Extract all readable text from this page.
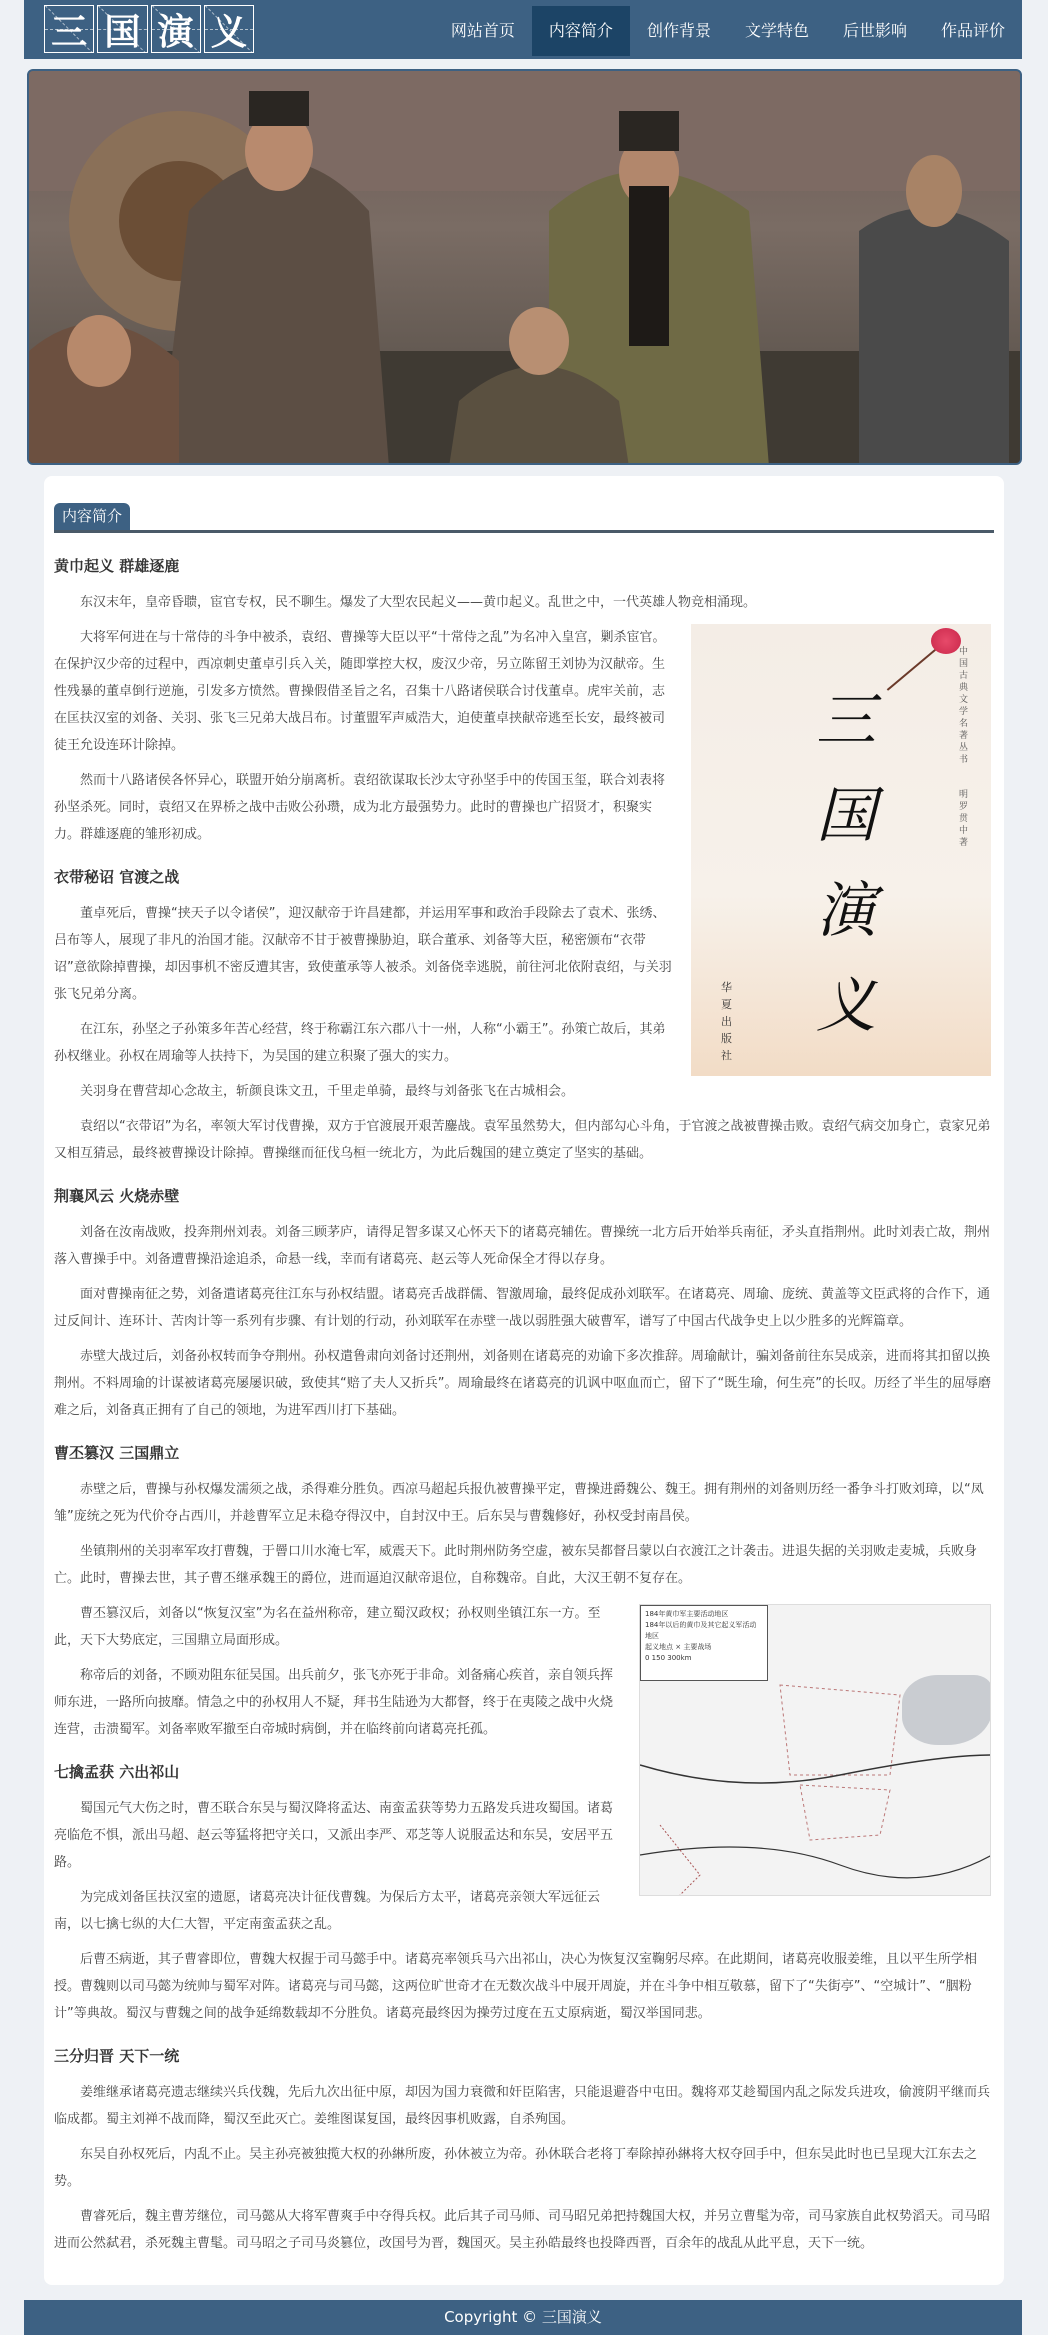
三 国 演 义	网站首页	内容简介	创作背景	文学特色	后世影响	作品评价
内容简介
黄巾起义 群雄逐鹿

东汉末年，皇帝昏聩，宦官专权，民不聊生。爆发了大型农民起义——黄巾起义。乱世之中，一代英雄人物竞相涌现。

中国古典文学名著丛书
明 罗贯中 著
三国演义
华夏出版社

大将军何进在与十常侍的斗争中被杀，袁绍、曹操等大臣以平“十常侍之乱”为名冲入皇宫，剿杀宦官。在保护汉少帝的过程中，西凉刺史董卓引兵入关，随即掌控大权，废汉少帝，另立陈留王刘协为汉献帝。生性残暴的董卓倒行逆施，引发多方愤然。曹操假借圣旨之名，召集十八路诸侯联合讨伐董卓。虎牢关前，志在匡扶汉室的刘备、关羽、张飞三兄弟大战吕布。讨董盟军声威浩大，迫使董卓挟献帝逃至长安，最终被司徒王允设连环计除掉。

然而十八路诸侯各怀异心，联盟开始分崩离析。袁绍欲谋取长沙太守孙坚手中的传国玉玺，联合刘表将孙坚杀死。同时，袁绍又在界桥之战中击败公孙瓒，成为北方最强势力。此时的曹操也广招贤才，积聚实力。群雄逐鹿的雏形初成。

衣带秘诏 官渡之战

董卓死后，曹操“挟天子以令诸侯”，迎汉献帝于许昌建都，并运用军事和政治手段除去了袁术、张绣、吕布等人，展现了非凡的治国才能。汉献帝不甘于被曹操胁迫，联合董承、刘备等大臣，秘密颁布“衣带诏”意欲除掉曹操，却因事机不密反遭其害，致使董承等人被杀。刘备侥幸逃脱，前往河北依附袁绍，与关羽张飞兄弟分离。

在江东，孙坚之子孙策多年苦心经营，终于称霸江东六郡八十一州，人称“小霸王”。孙策亡故后，其弟孙权继业。孙权在周瑜等人扶持下，为吴国的建立积聚了强大的实力。

关羽身在曹营却心念故主，斩颜良诛文丑，千里走单骑，最终与刘备张飞在古城相会。

袁绍以“衣带诏”为名，率领大军讨伐曹操，双方于官渡展开艰苦鏖战。袁军虽然势大，但内部勾心斗角，于官渡之战被曹操击败。袁绍气病交加身亡，袁家兄弟又相互猜忌，最终被曹操设计除掉。曹操继而征伐乌桓一统北方，为此后魏国的建立奠定了坚实的基础。

荆襄风云 火烧赤壁

刘备在汝南战败，投奔荆州刘表。刘备三顾茅庐，请得足智多谋又心怀天下的诸葛亮辅佐。曹操统一北方后开始举兵南征，矛头直指荆州。此时刘表亡故，荆州落入曹操手中。刘备遭曹操沿途追杀，命悬一线，幸而有诸葛亮、赵云等人死命保全才得以存身。

面对曹操南征之势，刘备遣诸葛亮往江东与孙权结盟。诸葛亮舌战群儒、智激周瑜，最终促成孙刘联军。在诸葛亮、周瑜、庞统、黄盖等文臣武将的合作下，通过反间计、连环计、苦肉计等一系列有步骤、有计划的行动，孙刘联军在赤壁一战以弱胜强大破曹军，谱写了中国古代战争史上以少胜多的光辉篇章。

赤壁大战过后，刘备孙权转而争夺荆州。孙权遣鲁肃向刘备讨还荆州，刘备则在诸葛亮的劝谕下多次推辞。周瑜献计，骗刘备前往东吴成亲，进而将其扣留以换荆州。不料周瑜的计谋被诸葛亮屡屡识破，致使其“赔了夫人又折兵”。周瑜最终在诸葛亮的讥讽中呕血而亡，留下了“既生瑜，何生亮”的长叹。历经了半生的屈辱磨难之后，刘备真正拥有了自己的领地，为进军西川打下基础。

曹丕篡汉 三国鼎立

赤壁之后，曹操与孙权爆发濡须之战，杀得难分胜负。西凉马超起兵报仇被曹操平定，曹操进爵魏公、魏王。拥有荆州的刘备则历经一番争斗打败刘璋，以“凤雏”庞统之死为代价夺占西川，并趁曹军立足未稳夺得汉中，自封汉中王。后东吴与曹魏修好，孙权受封南昌侯。

坐镇荆州的关羽率军攻打曹魏，于罾口川水淹七军，威震天下。此时荆州防务空虚，被东吴都督吕蒙以白衣渡江之计袭击。进退失据的关羽败走麦城，兵败身亡。此时，曹操去世，其子曹丕继承魏王的爵位，进而逼迫汉献帝退位，自称魏帝。自此，大汉王朝不复存在。

184年黄巾军主要活动地区
184年以后的黄巾及其它起义军活动地区
起义地点 × 主要战场
0 150 300km

曹丕篡汉后，刘备以“恢复汉室”为名在益州称帝，建立蜀汉政权；孙权则坐镇江东一方。至此，天下大势底定，三国鼎立局面形成。

称帝后的刘备，不顾劝阻东征吴国。出兵前夕，张飞亦死于非命。刘备痛心疾首，亲自领兵挥师东进，一路所向披靡。情急之中的孙权用人不疑，拜书生陆逊为大都督，终于在夷陵之战中火烧连营，击溃蜀军。刘备率败军撤至白帝城时病倒，并在临终前向诸葛亮托孤。

七擒孟获 六出祁山

蜀国元气大伤之时，曹丕联合东吴与蜀汉降将孟达、南蛮孟获等势力五路发兵进攻蜀国。诸葛亮临危不惧，派出马超、赵云等猛将把守关口，又派出李严、邓芝等人说服孟达和东吴，安居平五路。

为完成刘备匡扶汉室的遗愿，诸葛亮决计征伐曹魏。为保后方太平，诸葛亮亲领大军远征云南，以七擒七纵的大仁大智，平定南蛮孟获之乱。

后曹丕病逝，其子曹睿即位，曹魏大权握于司马懿手中。诸葛亮率领兵马六出祁山，决心为恢复汉室鞠躬尽瘁。在此期间，诸葛亮收服姜维，且以平生所学相授。曹魏则以司马懿为统帅与蜀军对阵。诸葛亮与司马懿，这两位旷世奇才在无数次战斗中展开周旋，并在斗争中相互敬慕，留下了“失街亭”、“空城计”、“胭粉计”等典故。蜀汉与曹魏之间的战争延绵数载却不分胜负。诸葛亮最终因为操劳过度在五丈原病逝，蜀汉举国同悲。

三分归晋 天下一统

姜维继承诸葛亮遗志继续兴兵伐魏，先后九次出征中原，却因为国力衰微和奸臣陷害，只能退避沓中屯田。魏将邓艾趁蜀国内乱之际发兵进攻，偷渡阴平继而兵临成都。蜀主刘禅不战而降，蜀汉至此灭亡。姜维图谋复国，最终因事机败露，自杀殉国。

东吴自孙权死后，内乱不止。吴主孙亮被独揽大权的孙綝所废，孙休被立为帝。孙休联合老将丁奉除掉孙綝将大权夺回手中，但东吴此时也已呈现大江东去之势。

曹睿死后，魏主曹芳继位，司马懿从大将军曹爽手中夺得兵权。此后其子司马师、司马昭兄弟把持魏国大权，并另立曹髦为帝，司马家族自此权势滔天。司马昭进而公然弑君，杀死魏主曹髦。司马昭之子司马炎篡位，改国号为晋，魏国灭。吴主孙皓最终也投降西晋，百余年的战乱从此平息，天下一统。

Copyright © 三国演义
